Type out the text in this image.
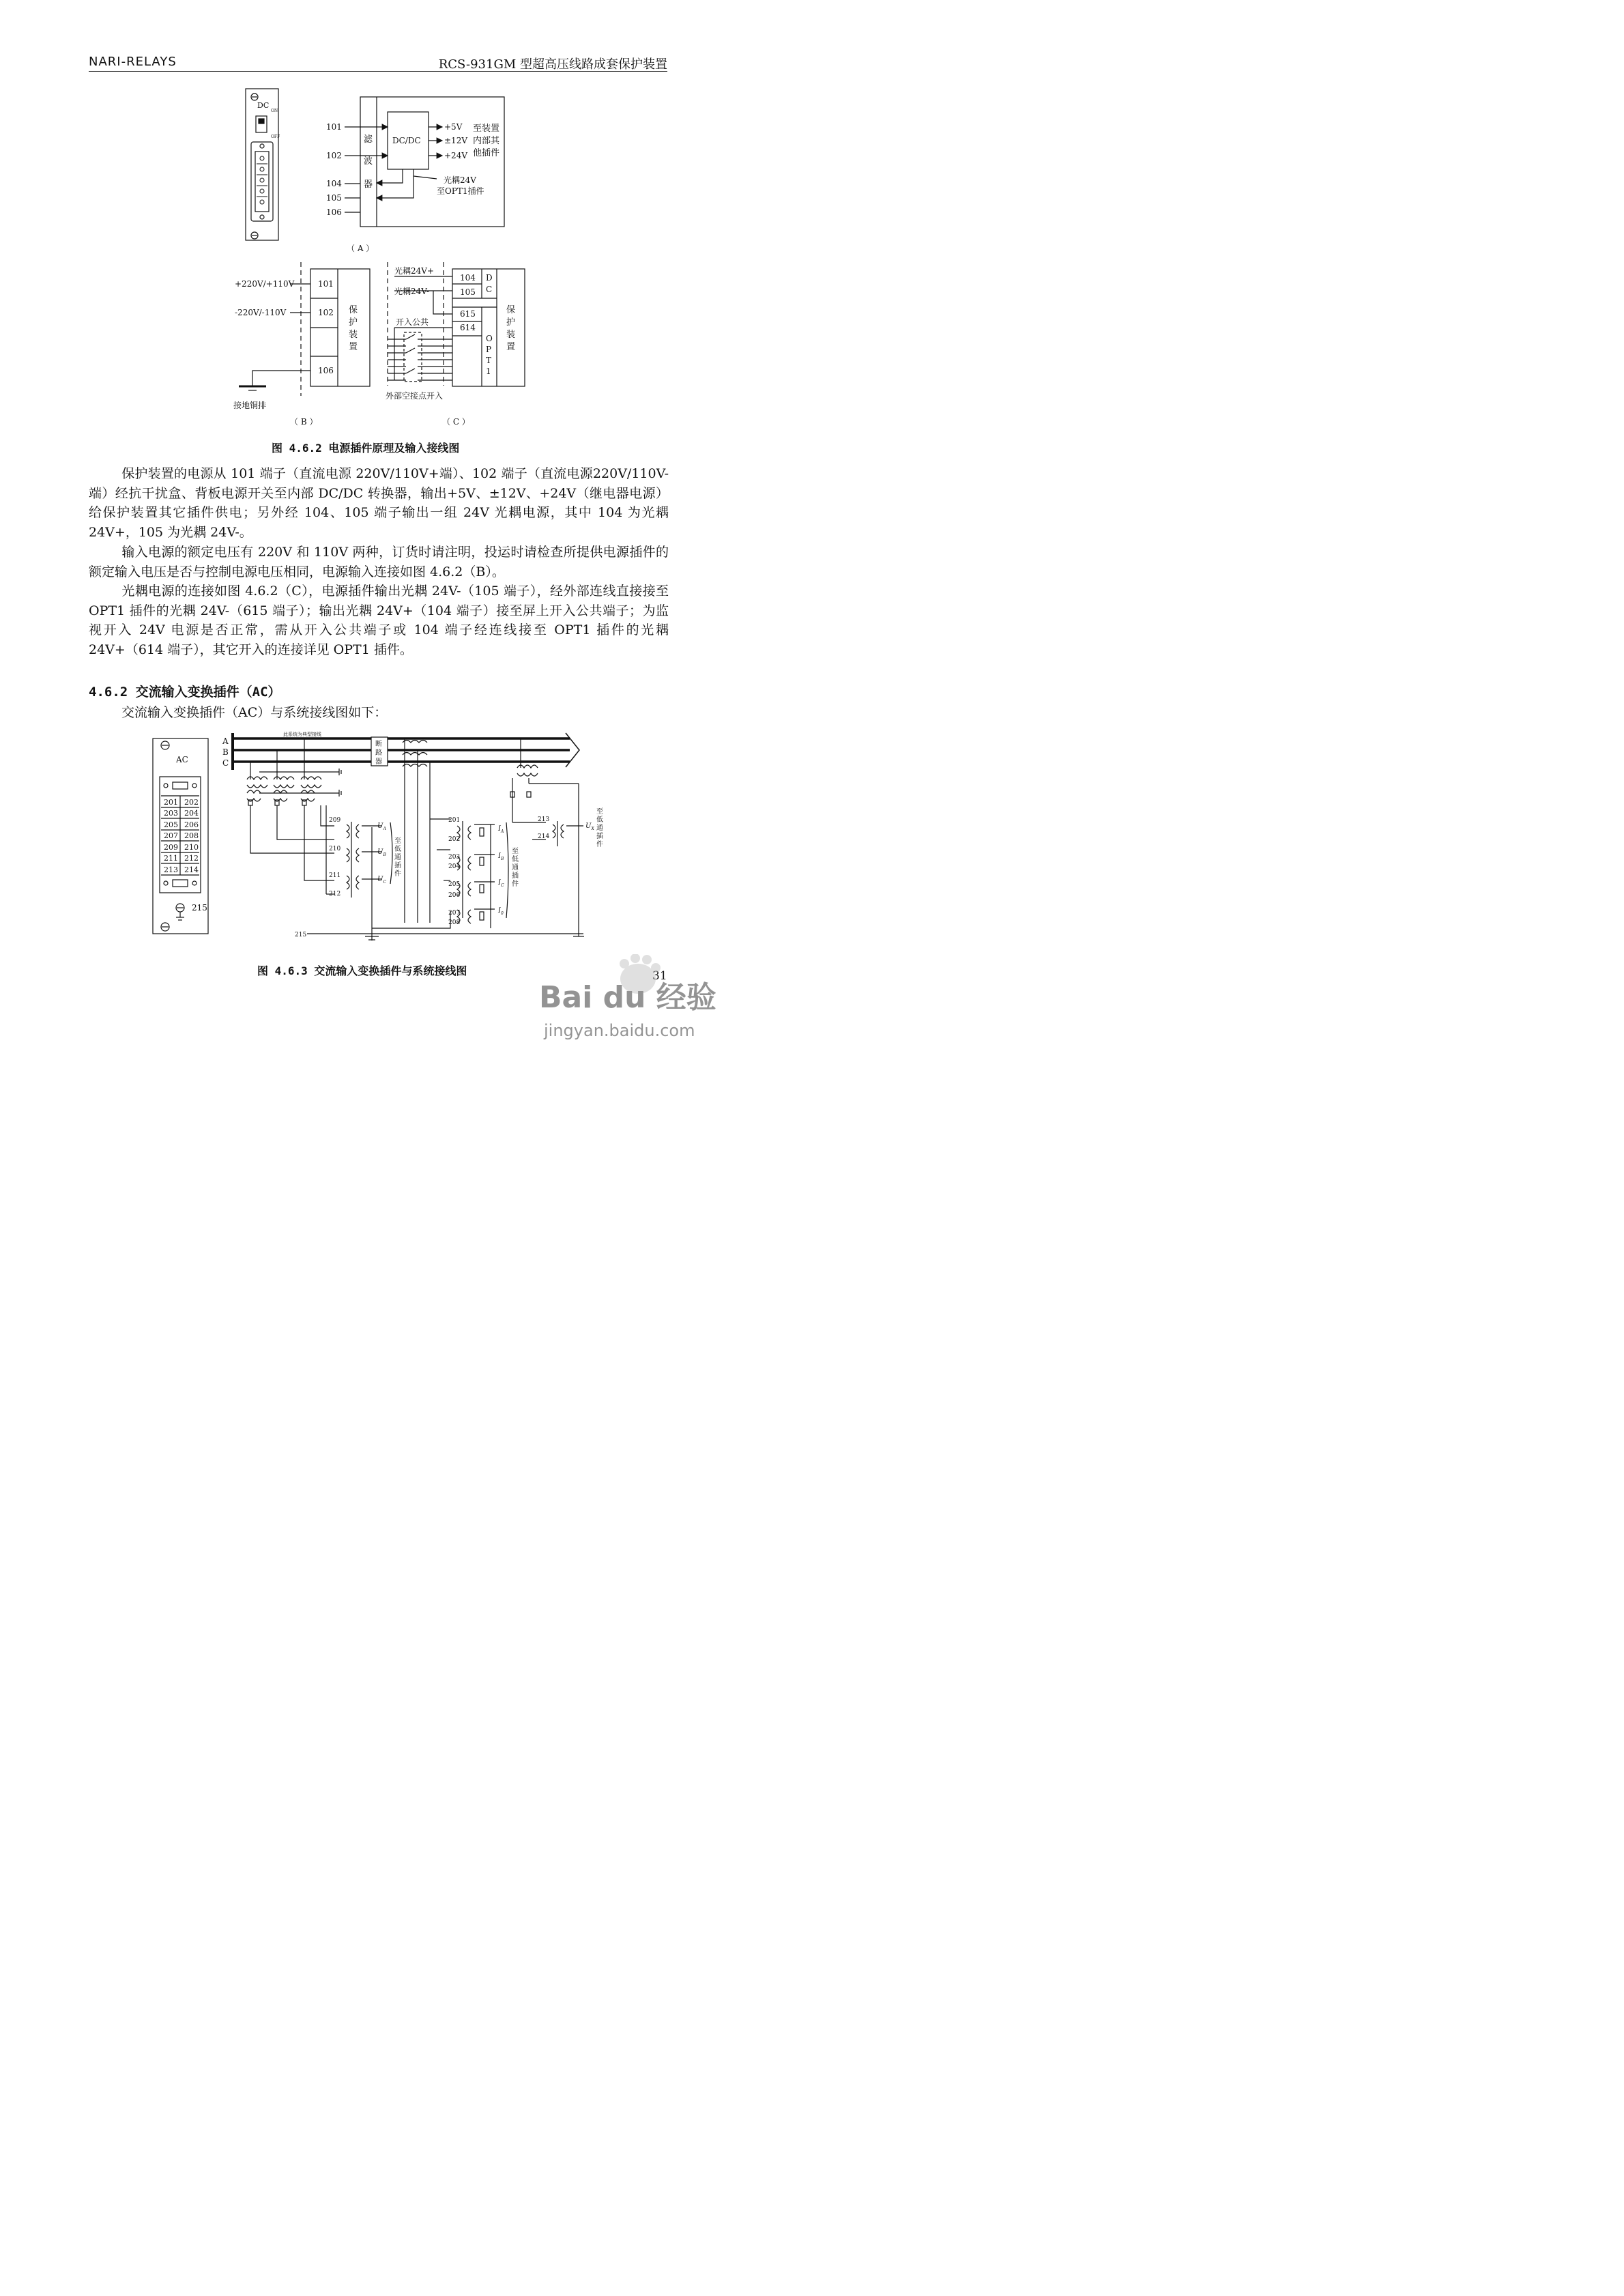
NARI-RELAYS	RCS-931GM 型超高压线路成套保护装置
DC
ON
OFF
101
102
104
105
106
滤
波
器
DC/DC
+5V
±12V
+24V
至装置
内部其
他插件
光耦24V
至OPT1插件
（ A ）
+220V/+110V
-220V/-110V
101
102
106
保
护
装
置
接地铜排
（ B ）
光耦24V+
光耦24V-
开入公共
104
105
615
614
D
C
O
P
T
1
保
护
装
置
外部空接点开入
（ C ）
图 4.6.2 电源插件原理及输入接线图
保护装置的电源从 101 端子（直流电源 220V/110V+端）、102 端子（直流电源220V/110V-端）经抗干扰盒、背板电源开关至内部 DC/DC 转换器，输出+5V、±12V、+24V（继电器电源）给保护装置其它插件供电；另外经 104、105 端子输出一组 24V 光耦电源，其中 104 为光耦 24V+，105 为光耦 24V-。
输入电源的额定电压有 220V 和 110V 两种，订货时请注明，投运时请检查所提供电源插件的额定输入电压是否与控制电源电压相同，电源输入连接如图 4.6.2（B）。
光耦电源的连接如图 4.6.2（C），电源插件输出光耦 24V-（105 端子），经外部连线直接接至 OPT1 插件的光耦 24V-（615 端子）；输出光耦 24V+（104 端子）接至屏上开入公共端子；为监视开入 24V 电源是否正常，需从开入公共端子或 104 端子经连线接至 OPT1 插件的光耦 24V+（614 端子），其它开入的连接详见 OPT1 插件。
4.6.2 交流输入变换插件（AC）
交流输入变换插件（AC）与系统接线图如下：
AC
201 202
203 204
205 206
207 208
209 210
211 212
213 214
215
A
B
C
此系统为典型接线
断
路
器
209
210
211
212
$U_A$
$U_B$
$U_C$
至
低
通
插
件
201
202
203
204
205
206
207
208
$I_A$
$I_B$
$I_C$
$I_0$
至
低
通
插
件
213
214
$U_X$
至
低
通
插
件
215
图 4.6.3 交流输入变换插件与系统接线图	31
Bai du 经验
jingyan.baidu.com
